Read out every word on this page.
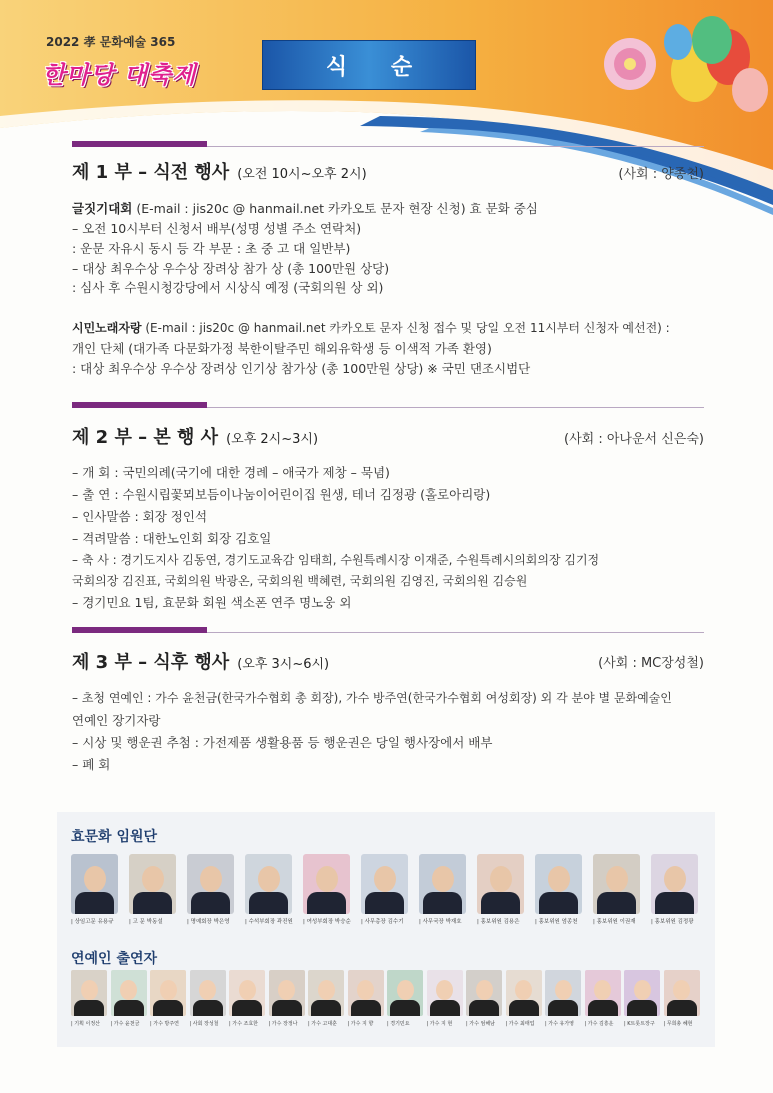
2022 孝 문화예술 365
한마당 대축제	식 순
제 1 부 – 식전 행사 (오전 10시~오후 2시)	(사회 : 양종천)
글짓기대회 (E-mail : jis20c @ hanmail.net 카카오토 문자 현장 신청) 효 문화 중심
– 오전 10시부터 신청서 배부(성명 성별 주소 연락처)
: 운문 자유시 동시 등 각 부문 : 초 중 고 대 일반부)
– 대상 최우수상 우수상 장려상 참가 상 (총 100만원 상당)
: 심사 후 수원시청강당에서 시상식 예정 (국회의원 상 외)
시민노래자랑 (E-mail : jis20c @ hanmail.net 카카오토 문자 신청 접수 및 당일 오전 11시부터 신청자 예선전) :
개인 단체 (대가족 다문화가정 북한이탈주민 해외유학생 등 이색적 가족 환영)
: 대상 최우수상 우수상 장려상 인기상 참가상 (총 100만원 상당) ※ 국민 댄조시범단
제 2 부 – 본 행 사 (오후 2시~3시)	(사회 : 아나운서 신은숙)
– 개 회 : 국민의례(국기에 대한 경례 – 애국가 제창 – 묵념)
– 출 연 : 수원시립꽃뫼보듬이나눔이어린이집 원생, 테너 김정광 (홀로아리랑)
– 인사말씀 : 회장 정인석
– 격려말씀 : 대한노인회 회장 김호일
– 축 사 : 경기도지사 김동연, 경기도교육감 임태희, 수원특례시장 이재준, 수원특례시의회의장 김기정
국회의장 김진표, 국회의원 박광온, 국회의원 백혜련, 국회의원 김영진, 국회의원 김승원
– 경기민요 1팀, 효문화 회원 색소폰 연주 명노웅 외
제 3 부 – 식후 행사 (오후 3시~6시)	(사회 : MC장성철)
– 초청 연예인 : 가수 윤천금(한국가수협회 총 회장), 가수 방주연(한국가수협회 여성회장) 외 각 분야 별 문화예술인
연예인 장기자랑
– 시상 및 행운권 추첨 : 가전제품 생활용품 등 행운권은 당일 행사장에서 배부
– 폐 회
효문화 임원단
| 상임고문 유용규	| 고 문 박동설	| 명예회장 박은영	| 수석부회장 곽진원 | 여성부회장 박승순 | 사무총장 김수기	| 사무국장 박재호	| 홍보위원 김용은	| 홍보위원 엄종천	| 홍보위원 이권재	| 홍보위원 김정광
연예인 출연자
| 기획 이정산 | 가수 윤천금 | 가수 방주연 | 사회 장성철 | 가수 조효한 | 가수 장정나 | 가수 고대훈 | 가수 지 향	| 경기민요	| 가수 지 현	| 가수 엄해남 | 가수 최태업 | 가수 유가영 | 가수 김흥운 | K트롯트장구 | 무희총 혜현
